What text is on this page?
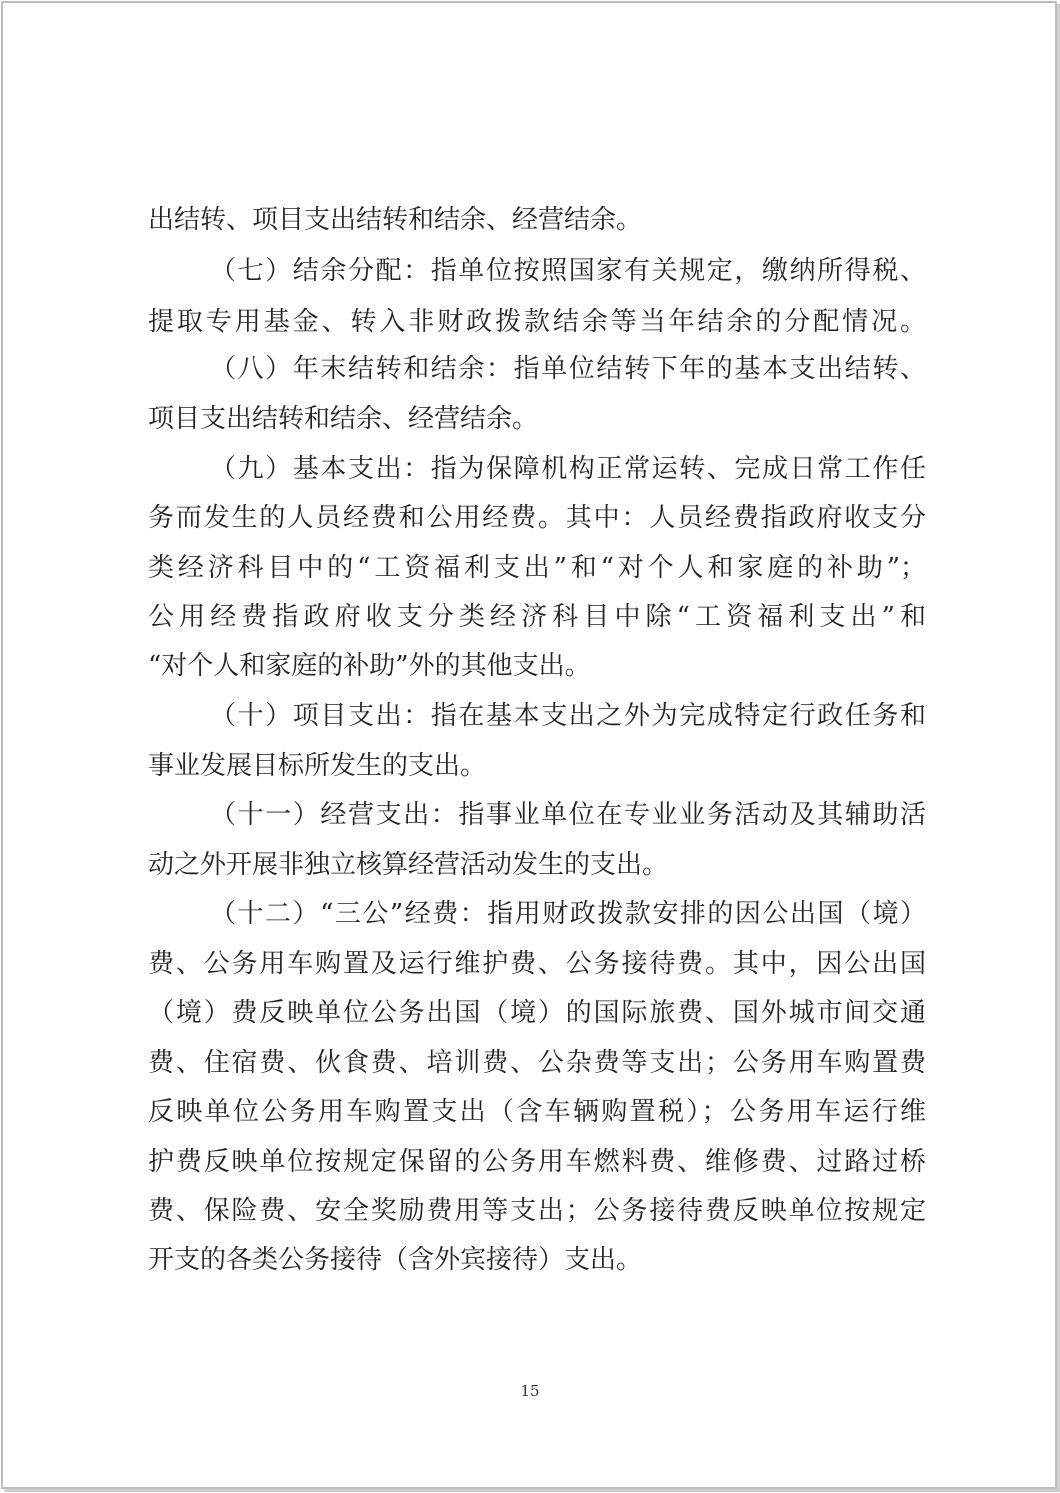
出结转、项目支出结转和结余、经营结余。
（七）结余分配：指单位按照国家有关规定，缴纳所得税、
提取专用基金、转入非财政拨款结余等当年结余的分配情况。
（八）年末结转和结余：指单位结转下年的基本支出结转、
项目支出结转和结余、经营结余。
（九）基本支出：指为保障机构正常运转、完成日常工作任
务而发生的人员经费和公用经费。其中：人员经费指政府收支分
类经济科目中的“工资福利支出”和“对个人和家庭的补助”；
公用经费指政府收支分类经济科目中除“工资福利支出”和
“对个人和家庭的补助”外的其他支出。
（十）项目支出：指在基本支出之外为完成特定行政任务和
事业发展目标所发生的支出。
（十一）经营支出：指事业单位在专业业务活动及其辅助活
动之外开展非独立核算经营活动发生的支出。
（十二）“三公”经费：指用财政拨款安排的因公出国（境）
费、公务用车购置及运行维护费、公务接待费。其中，因公出国
（境）费反映单位公务出国（境）的国际旅费、国外城市间交通
费、住宿费、伙食费、培训费、公杂费等支出；公务用车购置费
反映单位公务用车购置支出（含车辆购置税）；公务用车运行维
护费反映单位按规定保留的公务用车燃料费、维修费、过路过桥
费、保险费、安全奖励费用等支出；公务接待费反映单位按规定
开支的各类公务接待（含外宾接待）支出。
15
